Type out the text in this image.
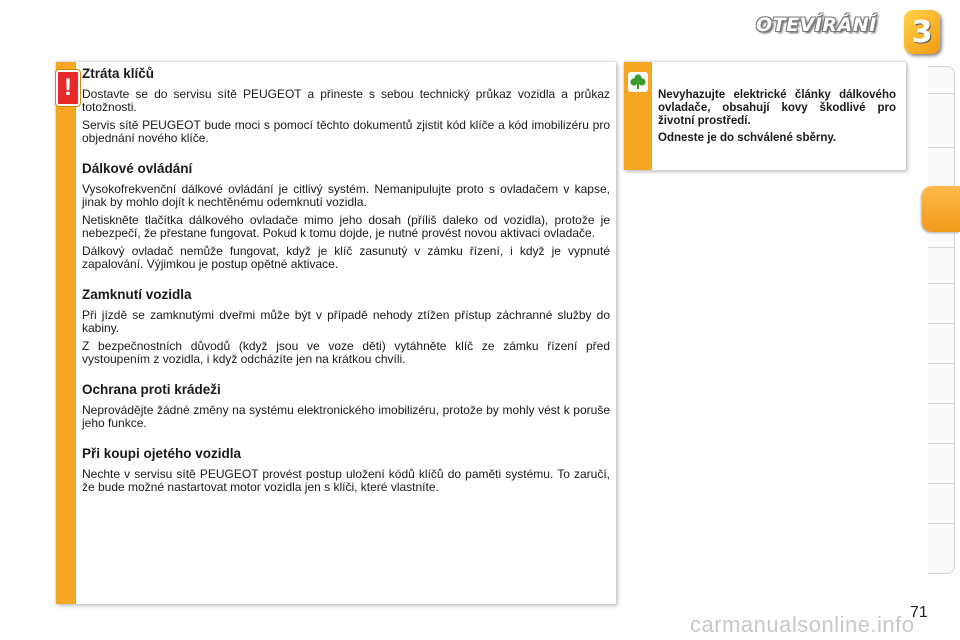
OTEVÍRÁNÍ 3
!
Ztráta klíčů

Dostavte se do servisu sítě PEUGEOT a přineste s sebou technický průkaz vozidla a průkaz totožnosti.

Servis sítě PEUGEOT bude moci s pomocí těchto dokumentů zjistit kód klíče a kód imobilizéru pro objednání nového klíče.

Dálkové ovládání

Vysokofrekvenční dálkové ovládání je citlivý systém. Nemanipulujte proto s ovladačem v kapse, jinak by mohlo dojít k nechtěnému odemknutí vozidla.

Netiskněte tlačítka dálkového ovladače mimo jeho dosah (příliš daleko od vozidla), protože je nebezpečí, že přestane fungovat. Pokud k tomu dojde, je nutné provést novou aktivaci ovladače.

Dálkový ovladač nemůže fungovat, když je klíč zasunutý v zámku řízení, i když je vypnuté zapalování. Výjimkou je postup opětné aktivace.

Zamknutí vozidla

Při jízdě se zamknutými dveřmi může být v případě nehody ztížen přístup záchranné služby do kabiny.

Z bezpečnostních důvodů (když jsou ve voze děti) vytáhněte klíč ze zámku řízení před vystoupením z vozidla, i když odcházíte jen na krátkou chvíli.

Ochrana proti krádeži

Neprovádějte žádné změny na systému elektronického imobilizéru, protože by mohly vést k poruše jeho funkce.

Při koupi ojetého vozidla

Nechte v servisu sítě PEUGEOT provést postup uložení kódů klíčů do paměti systému. To zaručí, že bude možné nastartovat motor vozidla jen s klíči, které vlastníte.

Nevyhazujte elektrické články dálkového ovladače, obsahují kovy škodlivé pro životní prostředí.

Odneste je do schválené sběrny.

71
carmanualsonline.info
